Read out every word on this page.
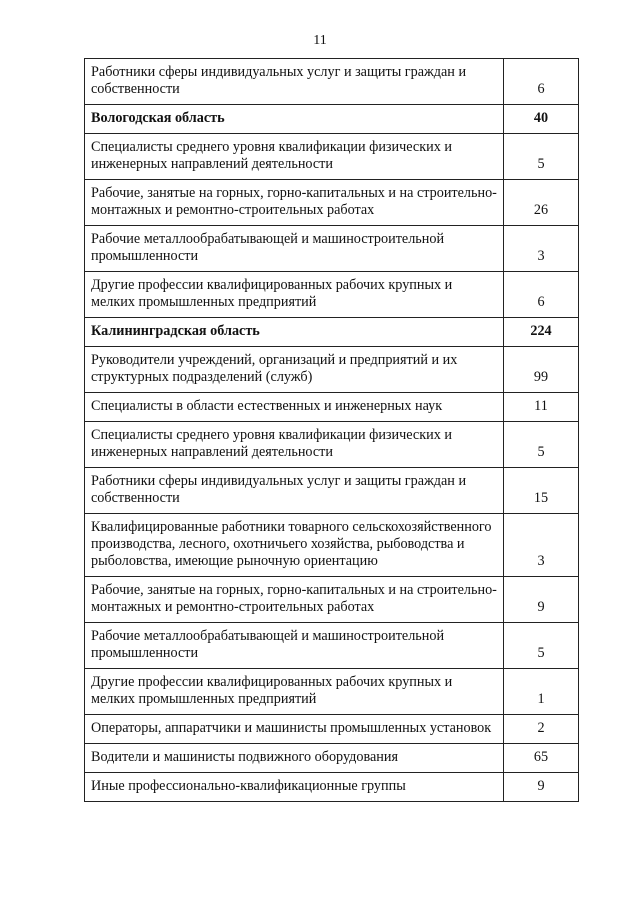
11
Работники сферы индивидуальных услуг и защиты граждан и собственности	6
Вологодская область	40
Специалисты среднего уровня квалификации физических и инженерных направлений деятельности	5
Рабочие, занятые на горных, горно-капитальных и на строительно-монтажных и ремонтно-строительных работах	26
Рабочие металлообрабатывающей и машиностроительной промышленности	3
Другие профессии квалифицированных рабочих крупных и мелких промышленных предприятий	6
Калининградская область	224
Руководители учреждений, организаций и предприятий и их структурных подразделений (служб)	99
Специалисты в области естественных и инженерных наук	11
Специалисты среднего уровня квалификации физических и инженерных направлений деятельности	5
Работники сферы индивидуальных услуг и защиты граждан и собственности	15
Квалифицированные работники товарного сельскохозяйственного производства, лесного, охотничьего хозяйства, рыбоводства и рыболовства, имеющие рыночную ориентацию	3
Рабочие, занятые на горных, горно-капитальных и на строительно-монтажных и ремонтно-строительных работах	9
Рабочие металлообрабатывающей и машиностроительной промышленности	5
Другие профессии квалифицированных рабочих крупных и мелких промышленных предприятий	1
Операторы, аппаратчики и машинисты промышленных установок	2
Водители и машинисты подвижного оборудования	65
Иные профессионально-квалификационные группы	9
